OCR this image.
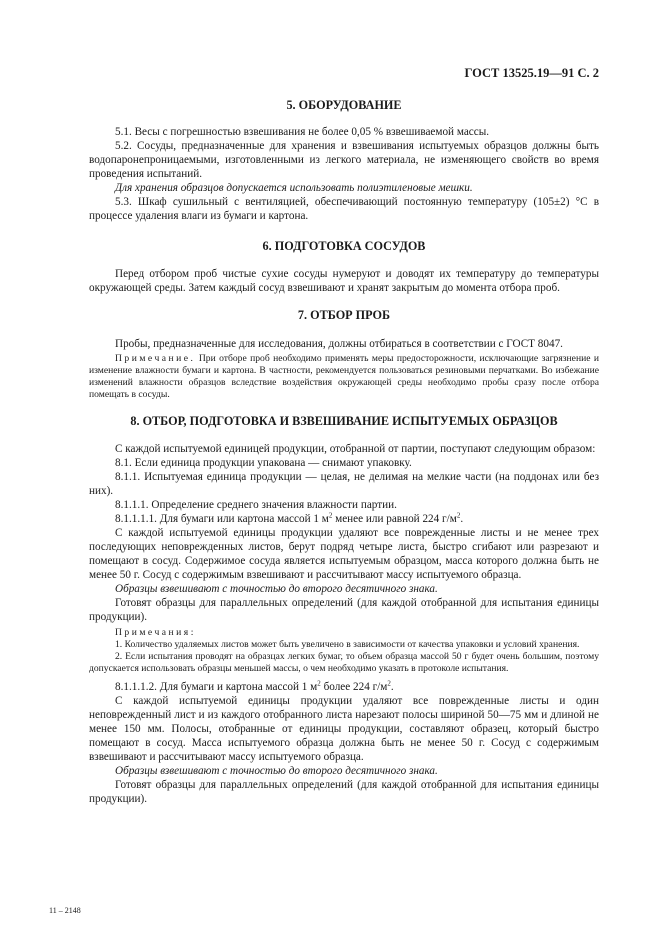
ГОСТ 13525.19—91 С. 2
5. ОБОРУДОВАНИЕ

5.1. Весы с погрешностью взвешивания не более 0,05 % взвешиваемой массы.

5.2. Сосуды, предназначенные для хранения и взвешивания испытуемых образцов должны быть водопаронепроницаемыми, изготовленными из легкого материала, не изменяющего свойств во время проведения испытаний.

Для хранения образцов допускается использовать полиэтиленовые мешки.

5.3. Шкаф сушильный с вентиляцией, обеспечивающий постоянную температуру (105±2) °С в процессе удаления влаги из бумаги и картона.

6. ПОДГОТОВКА СОСУДОВ

Перед отбором проб чистые сухие сосуды нумеруют и доводят их температуру до температуры окружающей среды. Затем каждый сосуд взвешивают и хранят закрытым до момента отбора проб.

7. ОТБОР ПРОБ

Пробы, предназначенные для исследования, должны отбираться в соответствии с ГОСТ 8047.

Примечание. При отборе проб необходимо применять меры предосторожности, исключающие загрязнение и изменение влажности бумаги и картона. В частности, рекомендуется пользоваться резиновыми перчатками. Во избежание изменений влажности образцов вследствие воздействия окружающей среды необходимо пробы сразу после отбора помещать в сосуды.

8. ОТБОР, ПОДГОТОВКА И ВЗВЕШИВАНИЕ ИСПЫТУЕМЫХ ОБРАЗЦОВ

С каждой испытуемой единицей продукции, отобранной от партии, поступают следующим образом:

8.1. Если единица продукции упакована — снимают упаковку.

8.1.1. Испытуемая единица продукции — целая, не делимая на мелкие части (на поддонах или без них).

8.1.1.1. Определение среднего значения влажности партии.

8.1.1.1.1. Для бумаги или картона массой 1 $м^2$ менее или равной 224 $г/м^2$.

С каждой испытуемой единицы продукции удаляют все поврежденные листы и не менее трех последующих неповрежденных листов, берут подряд четыре листа, быстро сгибают или разрезают и помещают в сосуд. Содержимое сосуда является испытуемым образцом, масса которого должна быть не менее 50 г. Сосуд с содержимым взвешивают и рассчитывают массу испытуемого образца.

Образцы взвешивают с точностью до второго десятичного знака.

Готовят образцы для параллельных определений (для каждой отобранной для испытания единицы продукции).

Примечания:

1. Количество удаляемых листов может быть увеличено в зависимости от качества упаковки и условий хранения.

2. Если испытания проводят на образцах легких бумаг, то объем образца массой 50 г будет очень большим, поэтому допускается использовать образцы меньшей массы, о чем необходимо указать в протоколе испытания.

8.1.1.1.2. Для бумаги и картона массой 1 $м^2$ более 224 $г/м^2$.

С каждой испытуемой единицы продукции удаляют все поврежденные листы и один неповрежденный лист и из каждого отобранного листа нарезают полосы шириной 50—75 мм и длиной не менее 150 мм. Полосы, отобранные от единицы продукции, составляют образец, который быстро помещают в сосуд. Масса испытуемого образца должна быть не менее 50 г. Сосуд с содержимым взвешивают и рассчитывают массу испытуемого образца.

Образцы взвешивают с точностью до второго десятичного знака.

Готовят образцы для параллельных определений (для каждой отобранной для испытания единицы продукции).

11 – 2148
